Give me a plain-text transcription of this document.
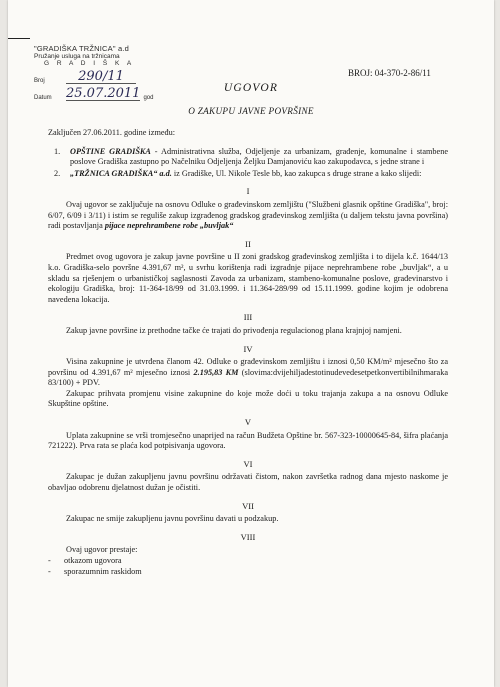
"GRADIŠKA TRŽNICA" a.d
Pružanje usluga na tržnicama
G R A D I Š K A
Broj	290/11
Datum	25.07.2011 god
BROJ: 04-370-2-86/11
UGOVOR
O ZAKUPU JAVNE POVRŠINE

Zaključen 27.06.2011. godine između:

1.	OPŠTINE GRADIŠKA - Administrativna služba, Odjeljenje za urbanizam, građenje, komunalne i stambene poslove Gradiška zastupno po Načelniku Odjeljenja Željku Damjanoviću kao zakupodavca, s jedne strane i
2.	„TRŽNICA GRADIŠKA“ a.d. iz Gradiške, Ul. Nikole Tesle bb, kao zakupca s druge strane a kako slijedi:
I

Ovaj ugovor se zaključuje na osnovu Odluke o građevinskom zemljištu ("Službeni glasnik opštine Gradiška", broj: 6/07, 6/09 i 3/11) i istim se reguliše zakup izgrađenog gradskog građevinskog zemljišta (u daljem tekstu javna površina) radi postavljanja pijace neprehrambene robe „buvljak“

II

Predmet ovog ugovora je zakup javne površine u II zoni gradskog građevinskog zemljišta i to dijela k.č. 1644/13 k.o. Gradiška-selo površne 4.391,67 m², u svrhu korištenja radi izgradnje pijace neprehrambene robe „buvljak“, a u skladu sa rješenjem o urbanističkoj saglasnosti Zavoda za urbanizam, stambeno-komunalne poslove, građevinarstvo i ekologiju Gradiška, broj: 11-364-18/99 od 31.03.1999. i 11.364-289/99 od 15.11.1999. godine kojim je odobrena navedena lokacija.

III

Zakup javne površine iz prethodne tačke će trajati do privođenja regulacionog plana krajnjoj namjeni.

IV

Visina zakupnine je utvrđena članom 42. Odluke o građevinskom zemljištu i iznosi 0,50 KM/m² mjesečno što za površinu od 4.391,67 m² mjesečno iznosi 2.195,83 KM (slovima:dvijehiljadestotinudevedesetpetkonvertibilnihmaraka 83/100) + PDV.

Zakupac prihvata promjenu visine zakupnine do koje može doći u toku trajanja zakupa a na osnovu Odluke Skupštine opštine.

V

Uplata zakupnine se vrši tromjesečno unaprijed na račun Budžeta Opštine br. 567-323-10000645-84, šifra plaćanja 721222). Prva rata se plaća kod potpisivanja ugovora.

VI

Zakupac je dužan zakupljenu javnu površinu održavati čistom, nakon završetka radnog dana mjesto naskome je obavljao odobrenu djelatnost dužan je očistiti.

VII

Zakupac ne smije zakupljenu javnu površinu davati u podzakup.

VIII

Ovaj ugovor prestaje:

-	otkazom ugovora
-	sporazumnim raskidom
